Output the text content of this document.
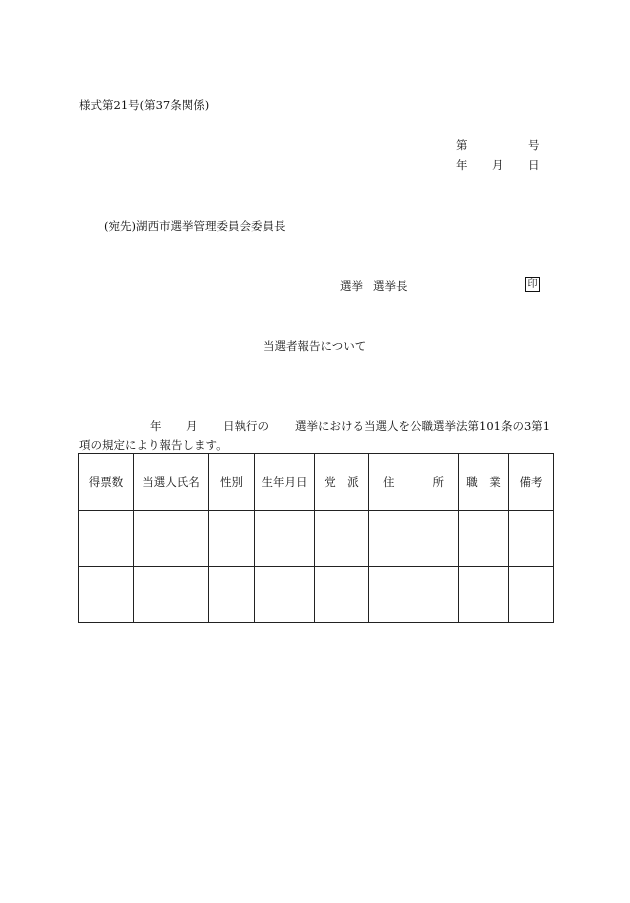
様式第21号(第37条関係)
第	号
年 月 日
(宛先)湖西市選挙管理委員会委員長
選挙 選挙長	印
当選者報告について
年 月 日執行の 選挙における当選人を公職選挙法第101条の3第1
項の規定により報告します。
得票数	当選人氏名	性別	生年月日	党　派	住 所	職　業	備考
